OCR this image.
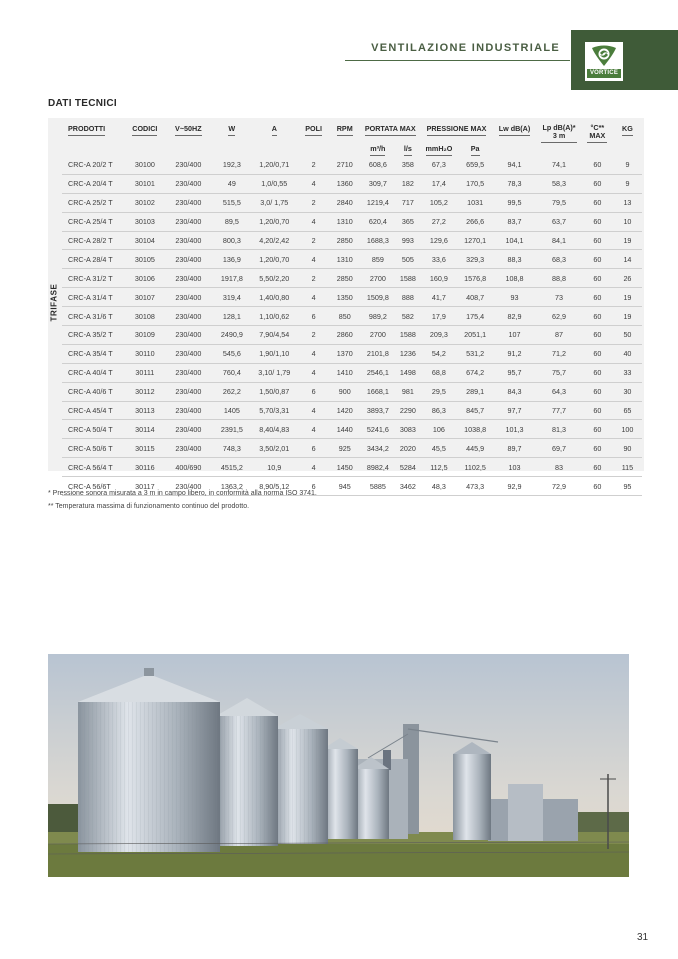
VENTILAZIONE INDUSTRIALE
VORTICE
DATI TECNICI
TRIFASE
PRODOTTI	CODICI	V~50HZ	W	A	POLI	RPM	PORTATA MAX		PRESSIONE MAX		Lw dB(A)	Lp dB(A)* 3 m	°C** MAX	KG
							m³/h	l/s	mmH₂O	Pa				
CRC-A 20/2 T	30100	230/400	192,3	1,20/0,71	2	2710	608,6	358	67,3	659,5	94,1	74,1	60	9
CRC-A 20/4 T	30101	230/400	49	1,0/0,55	4	1360	309,7	182	17,4	170,5	78,3	58,3	60	9
CRC-A 25/2 T	30102	230/400	515,5	3,0/ 1,75	2	2840	1219,4	717	105,2	1031	99,5	79,5	60	13
CRC-A 25/4 T	30103	230/400	89,5	1,20/0,70	4	1310	620,4	365	27,2	266,6	83,7	63,7	60	10
CRC-A 28/2 T	30104	230/400	800,3	4,20/2,42	2	2850	1688,3	993	129,6	1270,1	104,1	84,1	60	19
CRC-A 28/4 T	30105	230/400	136,9	1,20/0,70	4	1310	859	505	33,6	329,3	88,3	68,3	60	14
CRC-A 31/2 T	30106	230/400	1917,8	5,50/2,20	2	2850	2700	1588	160,9	1576,8	108,8	88,8	60	26
CRC-A 31/4 T	30107	230/400	319,4	1,40/0,80	4	1350	1509,8	888	41,7	408,7	93	73	60	19
CRC-A 31/6 T	30108	230/400	128,1	1,10/0,62	6	850	989,2	582	17,9	175,4	82,9	62,9	60	19
CRC-A 35/2 T	30109	230/400	2490,9	7,90/4,54	2	2860	2700	1588	209,3	2051,1	107	87	60	50
CRC-A 35/4 T	30110	230/400	545,6	1,90/1,10	4	1370	2101,8	1236	54,2	531,2	91,2	71,2	60	40
CRC-A 40/4 T	30111	230/400	760,4	3,10/ 1,79	4	1410	2546,1	1498	68,8	674,2	95,7	75,7	60	33
CRC-A 40/6 T	30112	230/400	262,2	1,50/0,87	6	900	1668,1	981	29,5	289,1	84,3	64,3	60	30
CRC-A 45/4 T	30113	230/400	1405	5,70/3,31	4	1420	3893,7	2290	86,3	845,7	97,7	77,7	60	65
CRC-A 50/4 T	30114	230/400	2391,5	8,40/4,83	4	1440	5241,6	3083	106	1038,8	101,3	81,3	60	100
CRC-A 50/6 T	30115	230/400	748,3	3,50/2,01	6	925	3434,2	2020	45,5	445,9	89,7	69,7	60	90
CRC-A 56/4 T	30116	400/690	4515,2	10,9	4	1450	8982,4	5284	112,5	1102,5	103	83	60	115
CRC-A 56/6T	30117	230/400	1363,2	8,90/5,12	6	945	5885	3462	48,3	473,3	92,9	72,9	60	95
* Pressione sonora misurata a 3 m in campo libero, in conformità alla norma ISO 3741.
** Temperatura massima di funzionamento continuo del prodotto.
31
